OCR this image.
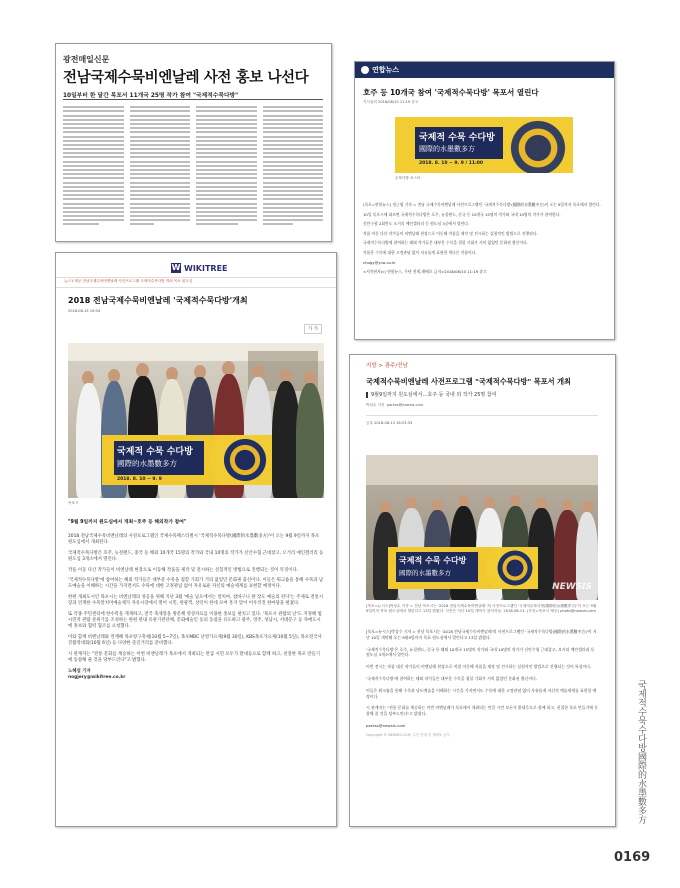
광전매일신문
전남국제수묵비엔날레 사전 홍보 나선다
10일부터 한 달간 목포서 11개국 25명 작가 참여 "국제적수묵다방"
연합뉴스
호주 등 10개국 참여 '국제적수묵다방' 목포서 열린다
기사입력 2018/08/10 11:19 송고
국제적 수묵 수다방
國際的水墨數多方
2018. 8. 10 ~ 9. 9 / 11:00
수묵다방 포스터

(목포=연합뉴스) 정근영 기자 = 전남 국제수묵비엔날레 사전프로그램인 '국제적수묵다방'(國際的水墨數多方)이 오는 9일까지 목포에서 열린다.

10일 목포시에 따르면 국제적수묵다방은 호주, 뉴질랜드, 중국 등 10개국 15명의 작가와 국내 10명의 작가가 참여한다.

신안수협 2회만도 오거리 예인갤러리 등 원도심 3곳에서 열린다.

작품 이동 다산 작가들이 비엔날레 현장으로 이동해 작품을 제작 및 전시하는 실험적인 방법으로 진행된다.

국제적수묵다방에 참여하는 해외 작가들은 대부분 수묵을 접할 기회가 거의 없었던 문화권 출신이다.

작품은 수묵에 대한 고정관념 없이 자유롭게 표현한 색다른 작품이다.

chogy@yna.co.kr

<저작권자(c) 연합뉴스, 무단 전재-재배포 금지>2018/08/10 11:19 송고

W WIKITREE
뉴스1 제공 전남국제수묵비엔날레 사전프로그램 국제적수묵다방 개최 목포 원도심
2018 전남국제수묵비엔날레 '국제적수묵다방'개최
2018.08.13 10:04
가 가
국제적 수묵 수다방
國際的水墨數多方
2018. 8. 10 ~ 9. 9
목포시
"9월 9일까지 원도심에서 개최~호주 등 해외작가 참여"

2018 전남국제수묵비엔날레의 사전프로그램인 국제수묵페스티벌시 '국제적수묵다방(國際的水墨數多方)'이 오는 9월 9일까지 목포 원도심에서 개최된다.

국제적수묵다방은 호주, 뉴질랜드, 중국 등 해외 10개국 15명의 작가와 국내 10명의 작가가 신안수협 근대창고, 오거리 예인갤러리 등 원도심 3개소에서 열린다.

작품 이동 다산 작가들이 비엔날레 현장으로 이동해 작품을 제작 및 전시하는 실험적인 방법으로 진행되는 것이 특징이다.

'국제적수묵다방'에 참여하는 해외 작가들은 대부분 수묵을 접할 기회가 거의 없었던 문화권 출신이다. 이들은 워크숍을 통해 수묵과 남도예술을 이해하는 시간을 가지면서도 수묵에 대한 고정관념 없이 자유로운 자신의 예술세계를 표현할 예정이다.

한편 개최도시인 목포시는 비엔날레의 성공을 위해 지난 3월 '예술 남도에서는 앞치마, 참바구니 판 장도 예술의 된다'는 주제로 전통시장과 연계한 수묵알치미예술제가 자유시장에서 열어 시민, 관광객, 상인이 한데 모여 흥겨 맞이 어우러진 한마당을 펼쳤다.

또 각종 주민센터에 한수막을 게재하고, 전국 축제장을 방문해 영상자료를 이용한 홍보를 펼치고 있다. '목포시 관람의 날'도 지정해 범시민적 관람 분위기를 조성하는 한편 관내 유관기관단체, 문화예술인 등의 동참을 유도하고 광주, 영주, 성남시, 서대문구 등 자매도시에 홍보와 협력 협조를 요청했다.

이와 함께 비엔날레와 연계해 목포항구축제(10월 5~7일), 목포MBC 난영가요제(9월 30일), KBS목포가요제(10월 5일), 목포전국사진촬영대회(10월 6일) 등 다양한 즐길거리를 준비했다.

시 관계자는 "전통 문화를 계승하는 이번 비엔날레가 목포에서 개최되는 만큼 시민 모두가 환대응으로 함께 하고, 친절한 목포 만들기에 동참해 줄 것을 당부드린다"고 밝혔다.

노혜섭 기자

nogjery@wikitree.co.kr

지방 > 광주/전남
국제적수묵비엔날레 사전프로그램 "국제적수묵다방" 목포서 개최
9월9일까지 원도심에서…호주 등 국내 외 작가 25명 참여
박상수 기자 parkss@newsis.com
등록 2018-08-13 16:23:33
국제적 수묵 수다방
國際的水墨數多方
NEWSIS
[목포=뉴시스]박상수 기자 = 전남 목포시는 '2018 전남국제수묵비엔날레' 의 사전프로그램인 '국제적수묵다방(國際的水墨數多方)'이 오는 9월9일까지 목포 원도심에서 열린다고 13일 밝혔다. 사진은 지난 10일 개막식 참석자들. 2018.08.13. (사진=목포시 제공) photo@newsis.com

[목포=뉴시스]박상수 기자 = 전남 목포시는 '2018 전남국제수묵비엔날레'의 사전프로그램인 '국제적수묵다방(國際的水墨數多方)'이 지난 10일 개막해 오는 9월9일까지 목포 원도심에서 열린다고 13일 밝혔다.

'국제적수묵다방'은 호주, 뉴질랜드, 중국 등 해외 10개국 15명의 작가와 국내 10명의 작가가 신안수협 근대창고, 오거리 예인갤러리 등 원도심 3개소에서 열린다.

이번 전시는 작품 대신 작가들이 비엔날레 현장으로 직접 이동해 작품을 제작 및 전시하는 실험적인 방법으로 진행되는 것이 특징이다.

'국제적수묵다방'에 참여하는 해외 작가들은 대부분 수묵을 접할 기회가 거의 없었던 문화권 출신이다.

이들은 워크숍을 통해 수묵과 남도예술을 이해하는 시간을 가지면서도 수묵에 대한 고정관념 없이 자유롭게 자신의 예술세계를 표현할 예정이다.

시 관계자는 "전통 문화를 계승하는 이번 비엔날레가 목포에서 개최되는 만큼 시민 모두가 환대응으로 함께 하고, 친절한 목포 만들기에 동참해 줄 것을 당부드린다"고 밝혔다.

parkss@newsis.com

Copyright © NEWSIS.COM, 무단 전재 및 재배포 금지	국제적수묵수다방國際的水墨數多方
0169
